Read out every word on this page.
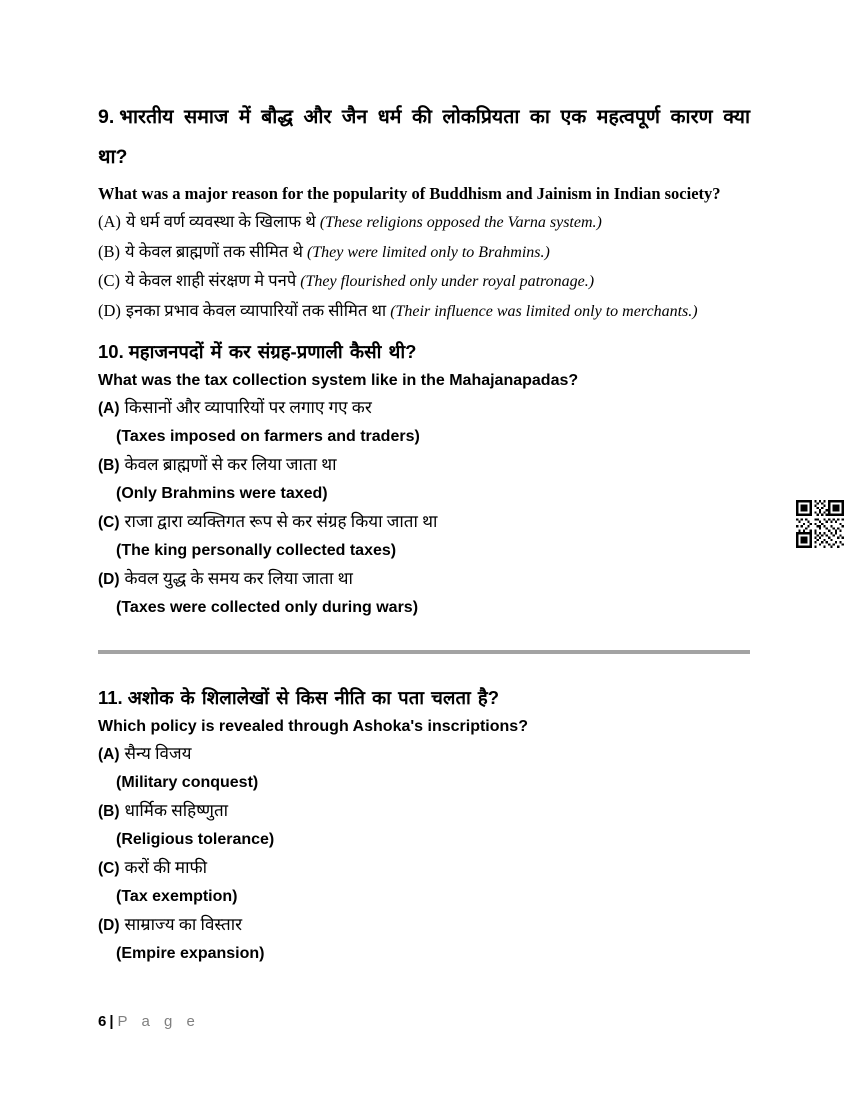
9. भारतीय समाज में बौद्ध और जैन धर्म की लोकप्रियता का एक महत्वपूर्ण कारण क्या था?
What was a major reason for the popularity of Buddhism and Jainism in Indian society?
(A) ये धर्म वर्ण व्यवस्था के खिलाफ थे (These religions opposed the Varna system.)
(B) ये केवल ब्राह्मणों तक सीमित थे (They were limited only to Brahmins.)
(C) ये केवल शाही संरक्षण मे पनपे (They flourished only under royal patronage.)
(D) इनका प्रभाव केवल व्यापारियों तक सीमित था (Their influence was limited only to merchants.)
10. महाजनपदों में कर संग्रह-प्रणाली कैसी थी?
What was the tax collection system like in the Mahajanapadas?
(A) किसानों और व्यापारियों पर लगाए गए कर
(Taxes imposed on farmers and traders)
(B) केवल ब्राह्मणों से कर लिया जाता था
(Only Brahmins were taxed)
(C) राजा द्वारा व्यक्तिगत रूप से कर संग्रह किया जाता था
(The king personally collected taxes)
(D) केवल युद्ध के समय कर लिया जाता था
(Taxes were collected only during wars)
11. अशोक के शिलालेखों से किस नीति का पता चलता है?
Which policy is revealed through Ashoka's inscriptions?
(A) सैन्य विजय
(Military conquest)
(B) धार्मिक सहिष्णुता
(Religious tolerance)
(C) करों की माफी
(Tax exemption)
(D) साम्राज्य का विस्तार
(Empire expansion)
6 | P a g e
